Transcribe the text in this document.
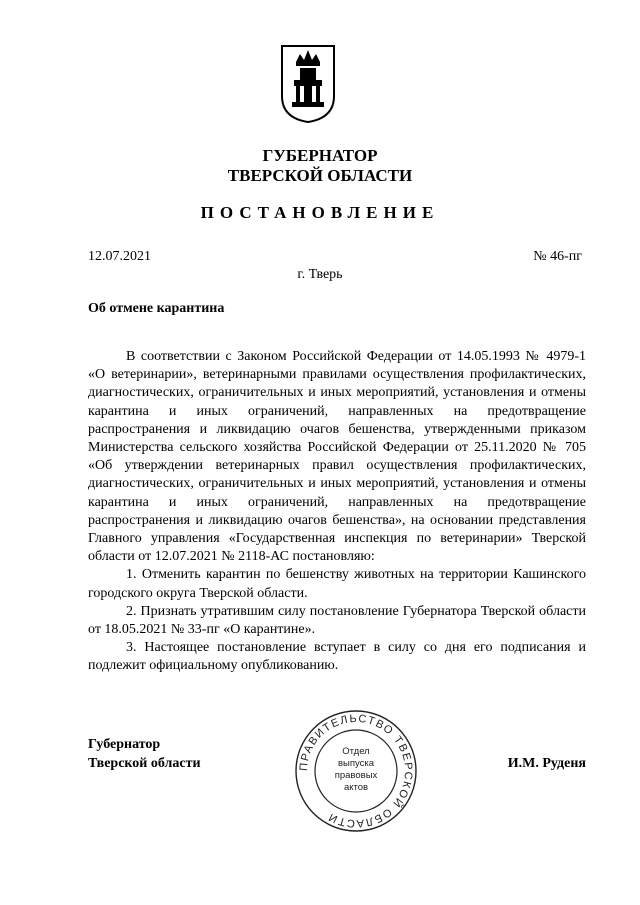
ГУБЕРНАТОР
ТВЕРСКОЙ ОБЛАСТИ
ПОСТАНОВЛЕНИЕ
12.07.2021	№ 46-пг
г. Тверь
Об отмене карантина

В соответствии с Законом Российской Федерации от 14.05.1993 № 4979-1 «О ветеринарии», ветеринарными правилами осуществления профилактических, диагностических, ограничительных и иных мероприятий, установления и отмены карантина и иных ограничений, направленных на предотвращение распространения и ликвидацию очагов бешенства, утвержденными приказом Министерства сельского хозяйства Российской Федерации от 25.11.2020 № 705 «Об утверждении ветеринарных правил осуществления профилактических, диагностических, ограничительных и иных мероприятий, установления и отмены карантина и иных ограничений, направленных на предотвращение распространения и ликвидацию очагов бешенства», на основании представления Главного управления «Государственная инспекция по ветеринарии» Тверской области от 12.07.2021 № 2118-АС постановляю:

1. Отменить карантин по бешенству животных на территории Кашинского городского округа Тверской области.

2. Признать утратившим силу постановление Губернатора Тверской области от 18.05.2021 № 33-пг «О карантине».

3. Настоящее постановление вступает в силу со дня его подписания и подлежит официальному опубликованию.

Губернатор
Тверской области	И.М. Руденя
ПРАВИТЕЛЬСТВО ТВЕРСКОЙ ОБЛАСТИ
Отдел
выпуска
правовых
актов
